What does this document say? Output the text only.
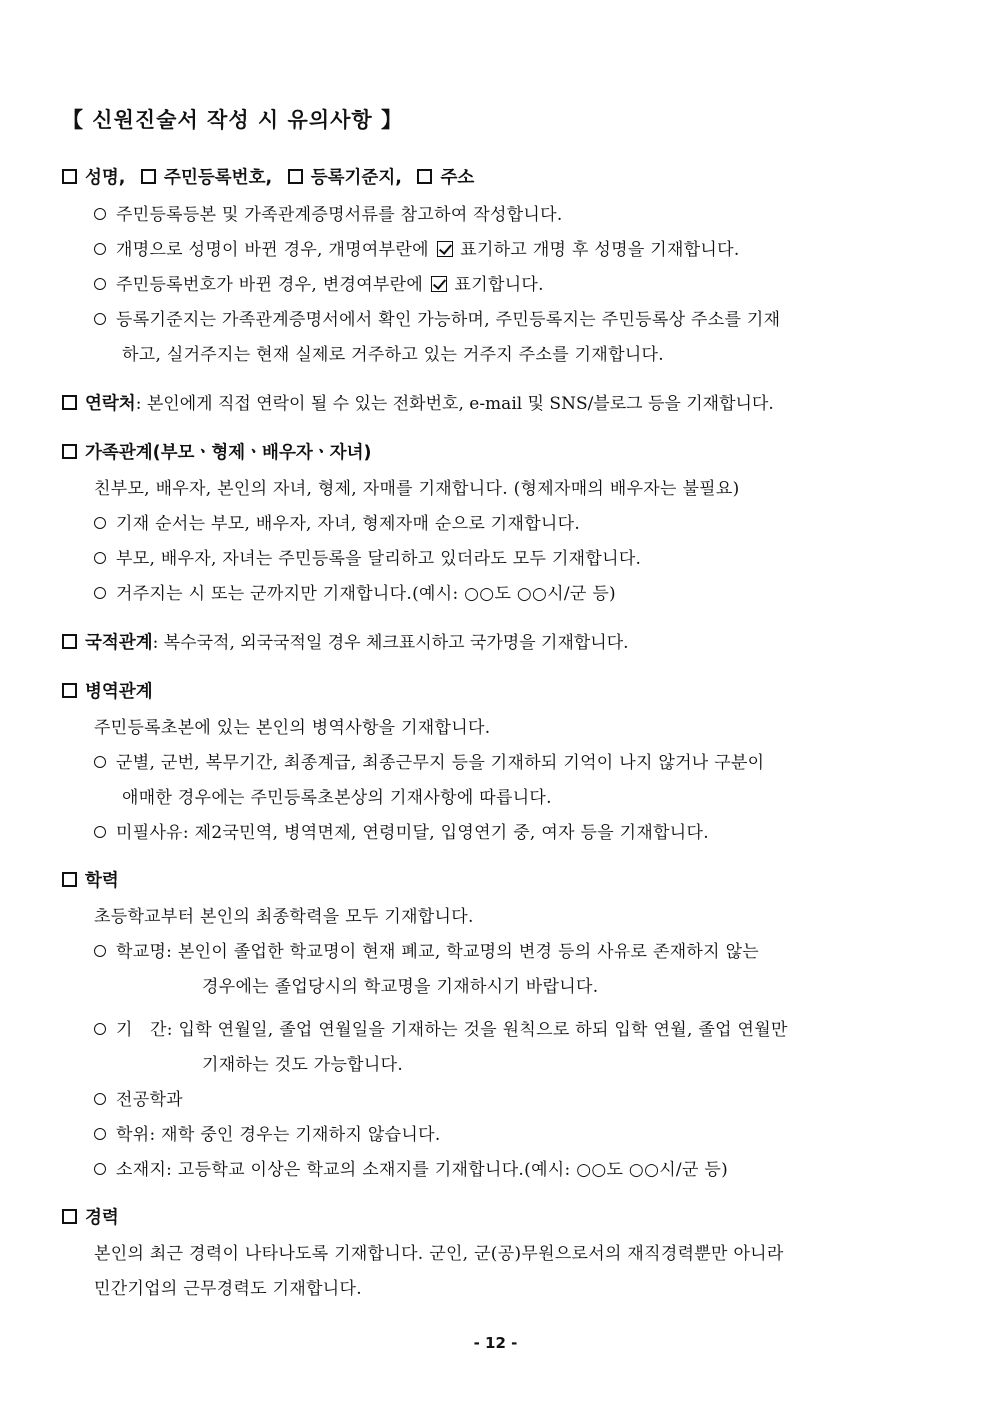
【 신원진술서 작성 시 유의사항 】
성명, 주민등록번호, 등록기준지, 주소
주민등록등본 및 가족관계증명서류를 참고하여 작성합니다.
개명으로 성명이 바뀐 경우, 개명여부란에 표기하고 개명 후 성명을 기재합니다.
주민등록번호가 바뀐 경우, 변경여부란에 표기합니다.
등록기준지는 가족관계증명서에서 확인 가능하며, 주민등록지는 주민등록상 주소를 기재
하고, 실거주지는 현재 실제로 거주하고 있는 거주지 주소를 기재합니다.
연락처: 본인에게 직접 연락이 될 수 있는 전화번호, e-mail 및 SNS/블로그 등을 기재합니다.
가족관계(부모ㆍ형제ㆍ배우자ㆍ자녀)
친부모, 배우자, 본인의 자녀, 형제, 자매를 기재합니다. (형제자매의 배우자는 불필요)
기재 순서는 부모, 배우자, 자녀, 형제자매 순으로 기재합니다.
부모, 배우자, 자녀는 주민등록을 달리하고 있더라도 모두 기재합니다.
거주지는 시 또는 군까지만 기재합니다.(예시: ○○도 ○○시/군 등)
국적관계: 복수국적, 외국국적일 경우 체크표시하고 국가명을 기재합니다.
병역관계
주민등록초본에 있는 본인의 병역사항을 기재합니다.
군별, 군번, 복무기간, 최종계급, 최종근무지 등을 기재하되 기억이 나지 않거나 구분이
애매한 경우에는 주민등록초본상의 기재사항에 따릅니다.
미필사유: 제2국민역, 병역면제, 연령미달, 입영연기 중, 여자 등을 기재합니다.
학력
초등학교부터 본인의 최종학력을 모두 기재합니다.
학교명: 본인이 졸업한 학교명이 현재 폐교, 학교명의 변경 등의 사유로 존재하지 않는
경우에는 졸업당시의 학교명을 기재하시기 바랍니다.
기　간: 입학 연월일, 졸업 연월일을 기재하는 것을 원칙으로 하되 입학 연월, 졸업 연월만
기재하는 것도 가능합니다.
전공학과
학위: 재학 중인 경우는 기재하지 않습니다.
소재지: 고등학교 이상은 학교의 소재지를 기재합니다.(예시: ○○도 ○○시/군 등)
경력
본인의 최근 경력이 나타나도록 기재합니다. 군인, 군(공)무원으로서의 재직경력뿐만 아니라
민간기업의 근무경력도 기재합니다.
- 12 -
